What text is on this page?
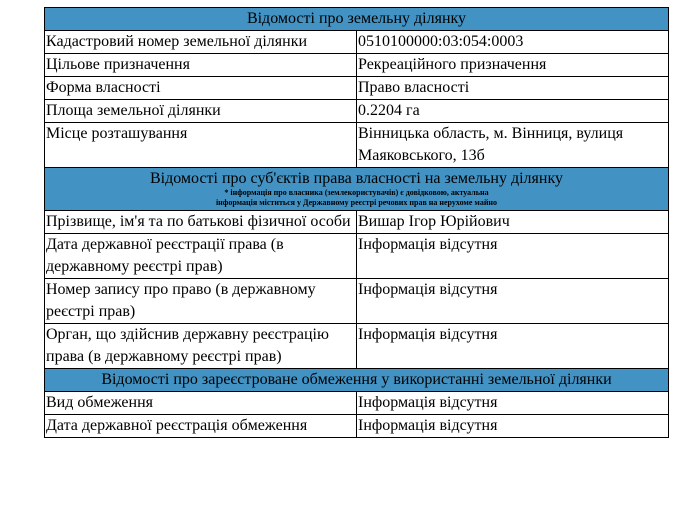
Відомості про земельну ділянку	
Кадастровий номер земельної ділянки	0510100000:03:054:0003
Цільове призначення	Рекреаційного призначення
Форма власності	Право власності
Площа земельної ділянки	0.2204 га
Місце розташування	Вінницька область, м. Вінниця, вулиця Маяковського, 13б

Відомості про суб'єктів права власності на земельну ділянку
* інформація про власника (землекористувачів) є довідковою, актуальна
інформація міститься у Державному реєстрі речових прав на нерухоме майно	

Прізвище, ім'я та по батькові фізичної особи	Вишар Ігор Юрійович
Дата державної реєстрації права (в державному реєстрі прав)	Інформація відсутня
Номер запису про право (в державному реєстрі прав)	Інформація відсутня
Орган, що здійснив державну реєстрацію права (в державному реєстрі прав)	Інформація відсутня
Відомості про зареєстроване обмеження у використанні земельної ділянки	
Вид обмеження	Інформація відсутня
Дата державної реєстрація обмеження	Інформація відсутня
